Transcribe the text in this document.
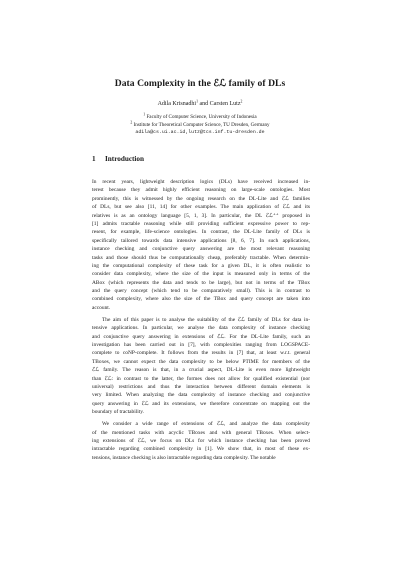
Data Complexity in the ℰℒ family of DLs
Adila Krisnadhi$^1$ and Carsten Lutz$^2$
$^1$ Faculty of Computer Science, University of Indonesia
$^2$ Institute for Theoretical Computer Science, TU Dresden, Germany
adila@cs.ui.ac.id,lutz@tcs.inf.tu-dresden.de
1 Introduction
In recent years, lightweight description logics (DLs) have received increased in-
terest because they admit highly efficient reasoning on large-scale ontologies. Most
prominently, this is witnessed by the ongoing research on the DL-Lite and ℰℒ families
of DLs, but see also [11, 14] for other examples. The main application of ℰℒ and its
relatives is as an ontology language [5, 1, 3]. In particular, the DL ℰℒ⁺⁺ proposed in
[1] admits tractable reasoning while still providing sufficient expressive power to rep-
resent, for example, life-science ontologies. In contrast, the DL-Lite family of DLs is
specifically tailored towards data intensive applications [8, 6, 7]. In such applications,
instance checking and conjunctive query answering are the most relevant reasoning
tasks and those should thus be computationally cheap, preferably tractable. When determin-
ing the computational complexity of these task for a given DL, it is often realistic to
consider data complexity, where the size of the input is measured only in terms of the
ABox (which represents the data and tends to be large), but not in terms of the TBox
and the query concept (which tend to be comparatively small). This is in contrast to
combined complexity, where also the size of the TBox and query concept are taken into
account.
The aim of this paper is to analyse the suitability of the ℰℒ family of DLs for data in-
tensive applications. In particular, we analyse the data complexity of instance checking
and conjunctive query answering in extensions of ℰℒ. For the DL-Lite family, such an
investigation has been carried out in [7], with complexities ranging from LOGSPACE-
complete to coNP-complete. It follows from the results in [7] that, at least w.r.t. general
TBoxes, we cannot expect the data complexity to be below PTIME for members of the
ℰℒ family. The reason is that, in a crucial aspect, DL-Lite is even more lightweight
than ℰℒ: in contrast to the latter, the formes does not allow for qualified existential (nor
universal) restrictions and thus the interaction between different domain elements is
very limited. When analyzing the data complexity of instance checking and conjunctive
query answering in ℰℒ and its extensions, we therefore concentrate on mapping out the
boundary of tractability.
We consider a wide range of extensions of ℰℒ, and analyze the data complexity
of the mentioned tasks with acyclic TBoxes and with general TBoxes. When select-
ing extensions of ℰℒ, we focus on DLs for which instance checking has been proved
intractable regarding combined complexity in [1]. We show that, in most of these ex-
tensions, instance checking is also intractable regarding data complexity. The notable
